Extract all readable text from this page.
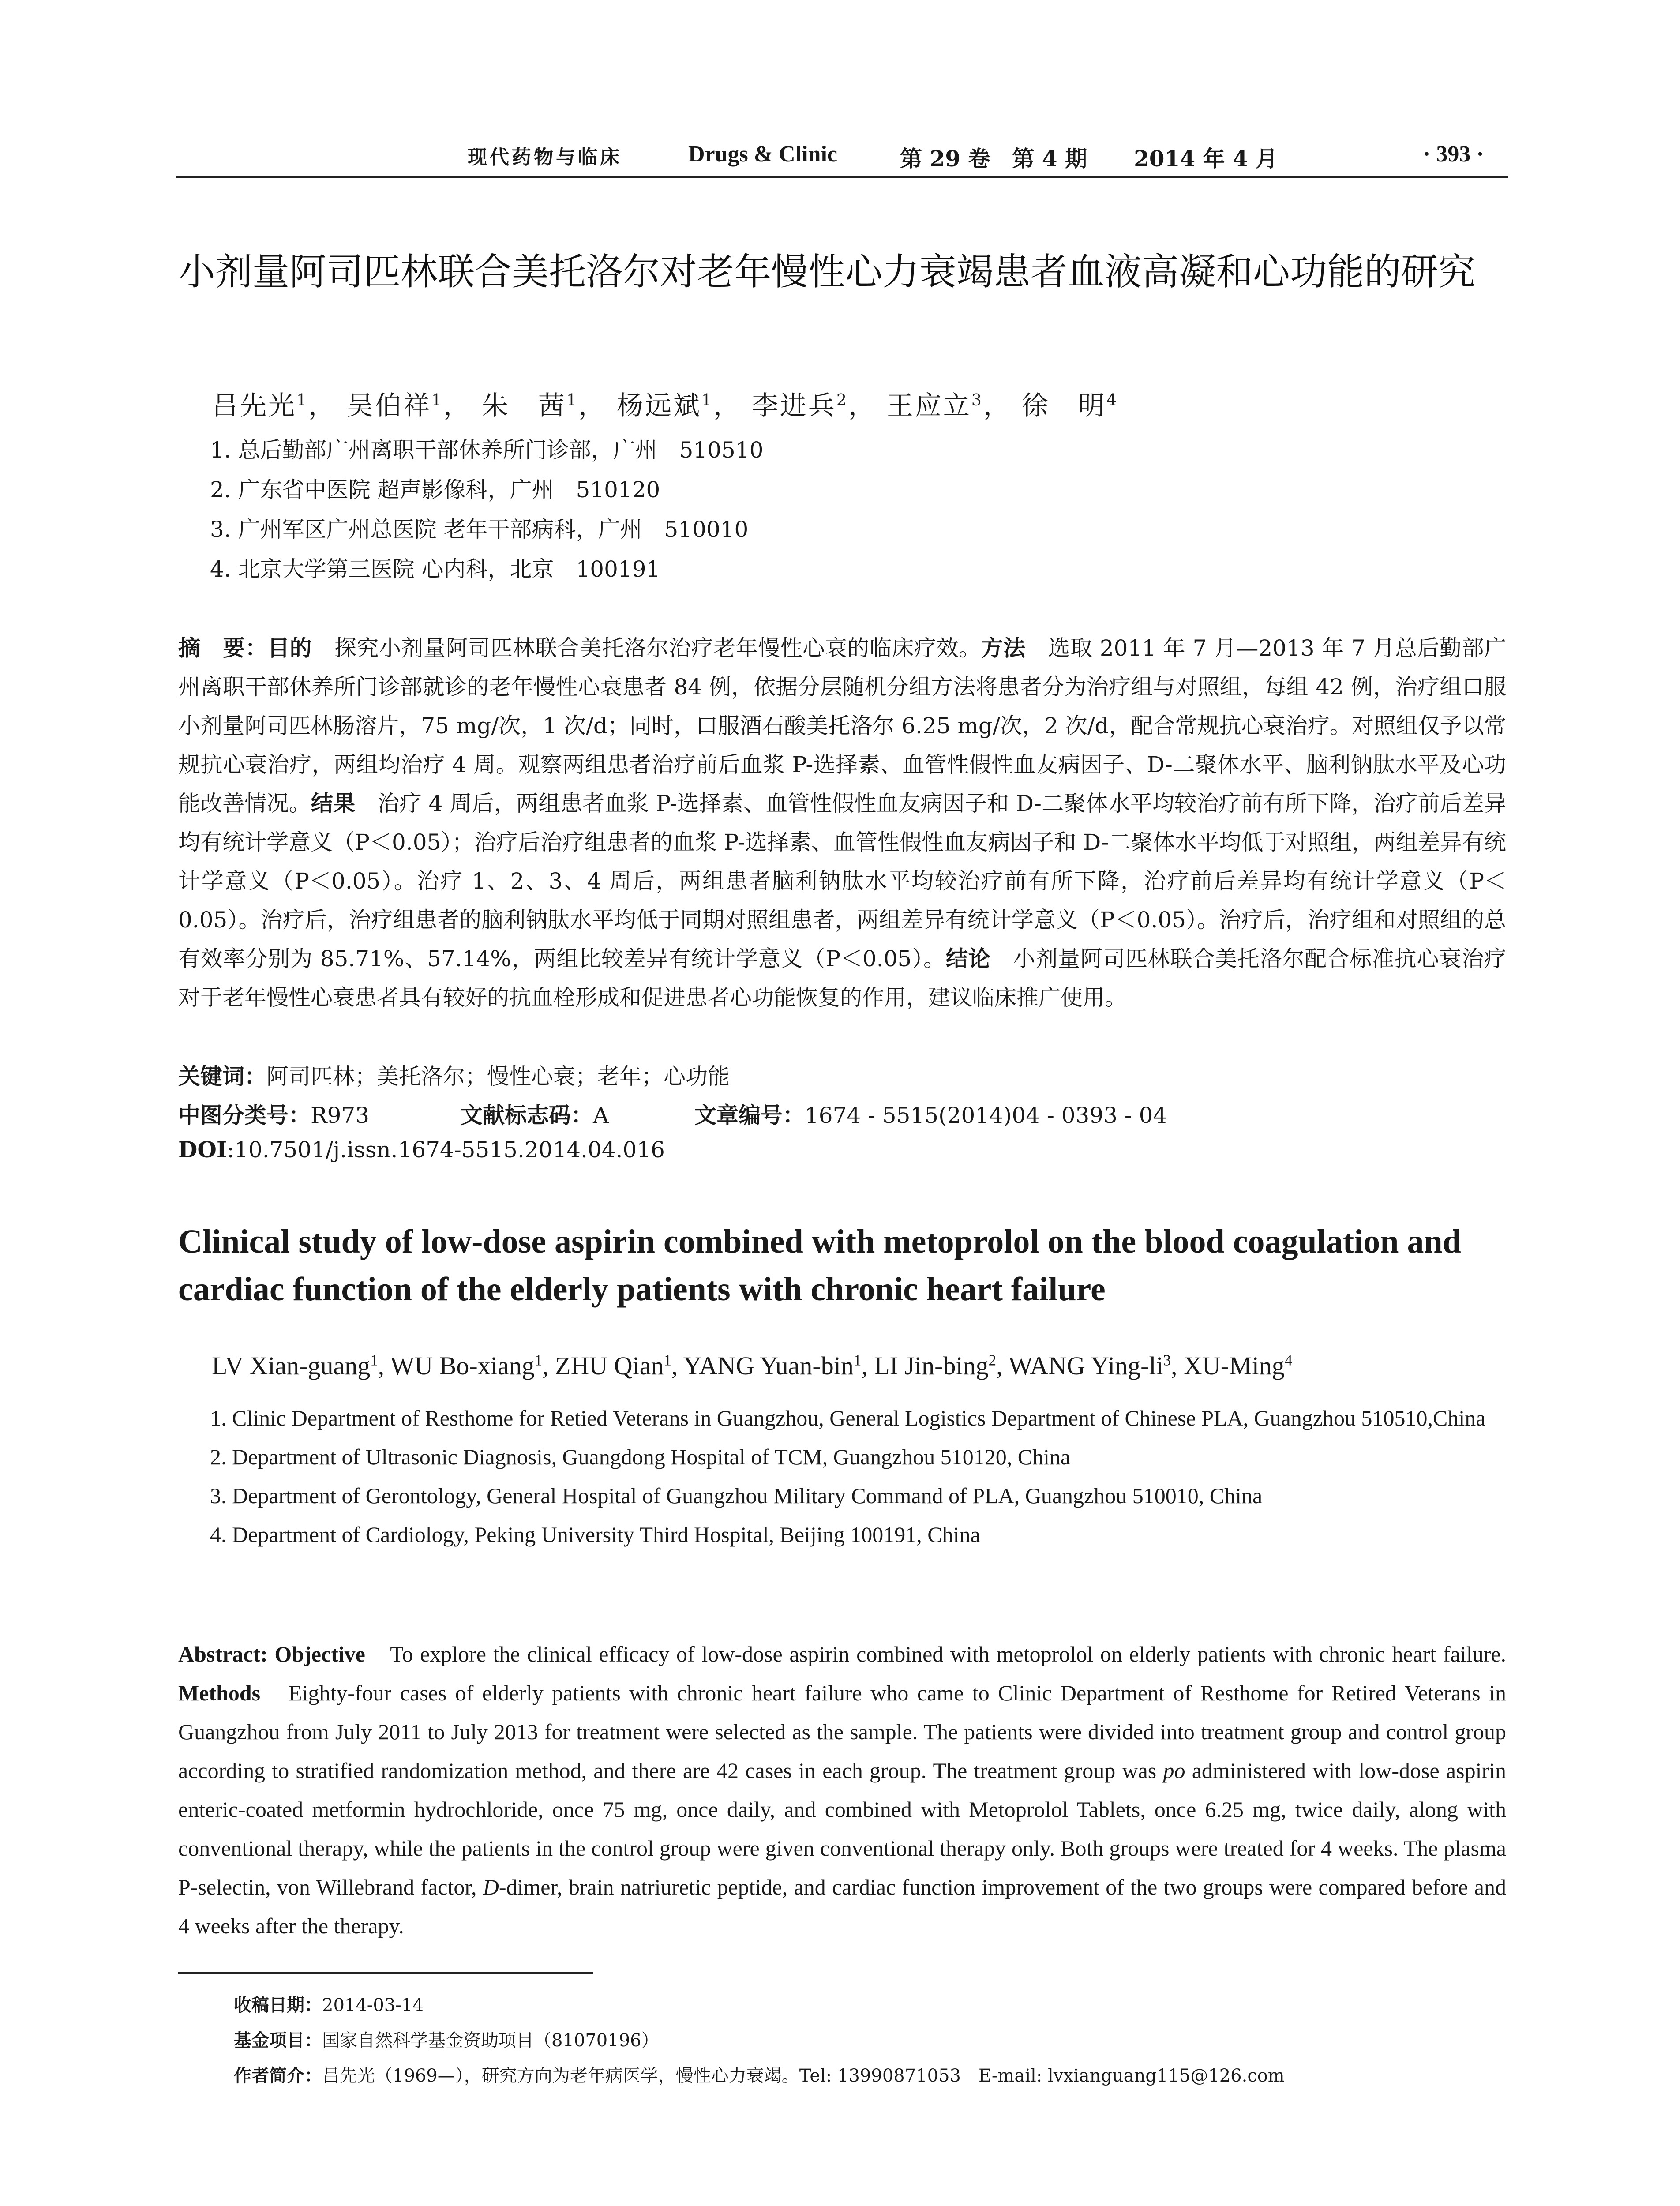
现代药物与临床	Drugs & Clinic	第 29 卷　第 4 期 2014 年 4 月	· 393 ·
小剂量阿司匹林联合美托洛尔对老年慢性心力衰竭患者血液高凝和心功能的研究
吕先光$^1$， 吴伯祥$^1$， 朱　茜$^1$， 杨远斌$^1$， 李进兵$^2$， 王应立$^3$， 徐　明$^4$
1. 总后勤部广州离职干部休养所门诊部，广州　510510
2. 广东省中医院 超声影像科，广州　510120
3. 广州军区广州总医院 老年干部病科，广州　510010
4. 北京大学第三医院 心内科，北京　100191
摘　要：目的　探究小剂量阿司匹林联合美托洛尔治疗老年慢性心衰的临床疗效。方法　选取 2011 年 7 月—2013 年 7 月总后勤部广州离职干部休养所门诊部就诊的老年慢性心衰患者 84 例，依据分层随机分组方法将患者分为治疗组与对照组，每组 42 例，治疗组口服小剂量阿司匹林肠溶片，75 mg/次，1 次/d；同时，口服酒石酸美托洛尔 6.25 mg/次，2 次/d，配合常规抗心衰治疗。对照组仅予以常规抗心衰治疗，两组均治疗 4 周。观察两组患者治疗前后血浆 P-选择素、血管性假性血友病因子、D-二聚体水平、脑利钠肽水平及心功能改善情况。结果　治疗 4 周后，两组患者血浆 P-选择素、血管性假性血友病因子和 D-二聚体水平均较治疗前有所下降，治疗前后差异均有统计学意义（P＜0.05）；治疗后治疗组患者的血浆 P-选择素、血管性假性血友病因子和 D-二聚体水平均低于对照组，两组差异有统计学意义（P＜0.05）。治疗 1、2、3、4 周后，两组患者脑利钠肽水平均较治疗前有所下降，治疗前后差异均有统计学意义（P＜0.05）。治疗后，治疗组患者的脑利钠肽水平均低于同期对照组患者，两组差异有统计学意义（P＜0.05）。治疗后，治疗组和对照组的总有效率分别为 85.71%、57.14%，两组比较差异有统计学意义（P＜0.05）。结论　小剂量阿司匹林联合美托洛尔配合标准抗心衰治疗对于老年慢性心衰患者具有较好的抗血栓形成和促进患者心功能恢复的作用，建议临床推广使用。
关键词：阿司匹林；美托洛尔；慢性心衰；老年；心功能
中图分类号：R973	文献标志码：A	文章编号：1674 - 5515(2014)04 - 0393 - 04
DOI:10.7501/j.issn.1674-5515.2014.04.016
Clinical study of low-dose aspirin combined with metoprolol on the blood coagulation and cardiac function of the elderly patients with chronic heart failure
LV Xian-guang$^1$, WU Bo-xiang$^1$, ZHU Qian$^1$, YANG Yuan-bin$^1$, LI Jin-bing$^2$, WANG Ying-$li^3$, XU-Ming$^4$
1. Clinic Department of Resthome for Retied Veterans in Guangzhou, General Logistics Department of Chinese PLA, Guangzhou 510510,China
2. Department of Ultrasonic Diagnosis, Guangdong Hospital of TCM, Guangzhou 510120, China
3. Department of Gerontology, General Hospital of Guangzhou Military Command of PLA, Guangzhou 510010, China
4. Department of Cardiology, Peking University Third Hospital, Beijing 100191, China
Abstract: Objective　To explore the clinical efficacy of low-dose aspirin combined with metoprolol on elderly patients with chronic heart failure. Methods　Eighty-four cases of elderly patients with chronic heart failure who came to Clinic Department of Resthome for Retired Veterans in Guangzhou from July 2011 to July 2013 for treatment were selected as the sample. The patients were divided into treatment group and control group according to stratified randomization method, and there are 42 cases in each group. The treatment group was po administered with low-dose aspirin enteric-coated metformin hydrochloride, once 75 mg, once daily, and combined with Metoprolol Tablets, once 6.25 mg, twice daily, along with conventional therapy, while the patients in the control group were given conventional therapy only. Both groups were treated for 4 weeks. The plasma P-selectin, von Willebrand factor, D-dimer, brain natriuretic peptide, and cardiac function improvement of the two groups were compared before and 4 weeks after the therapy.
收稿日期：2014-03-14
基金项目：国家自然科学基金资助项目（81070196）
作者简介：吕先光（1969—），研究方向为老年病医学，慢性心力衰竭。Tel: 13990871053　E-mail: lvxianguang115@126.com
